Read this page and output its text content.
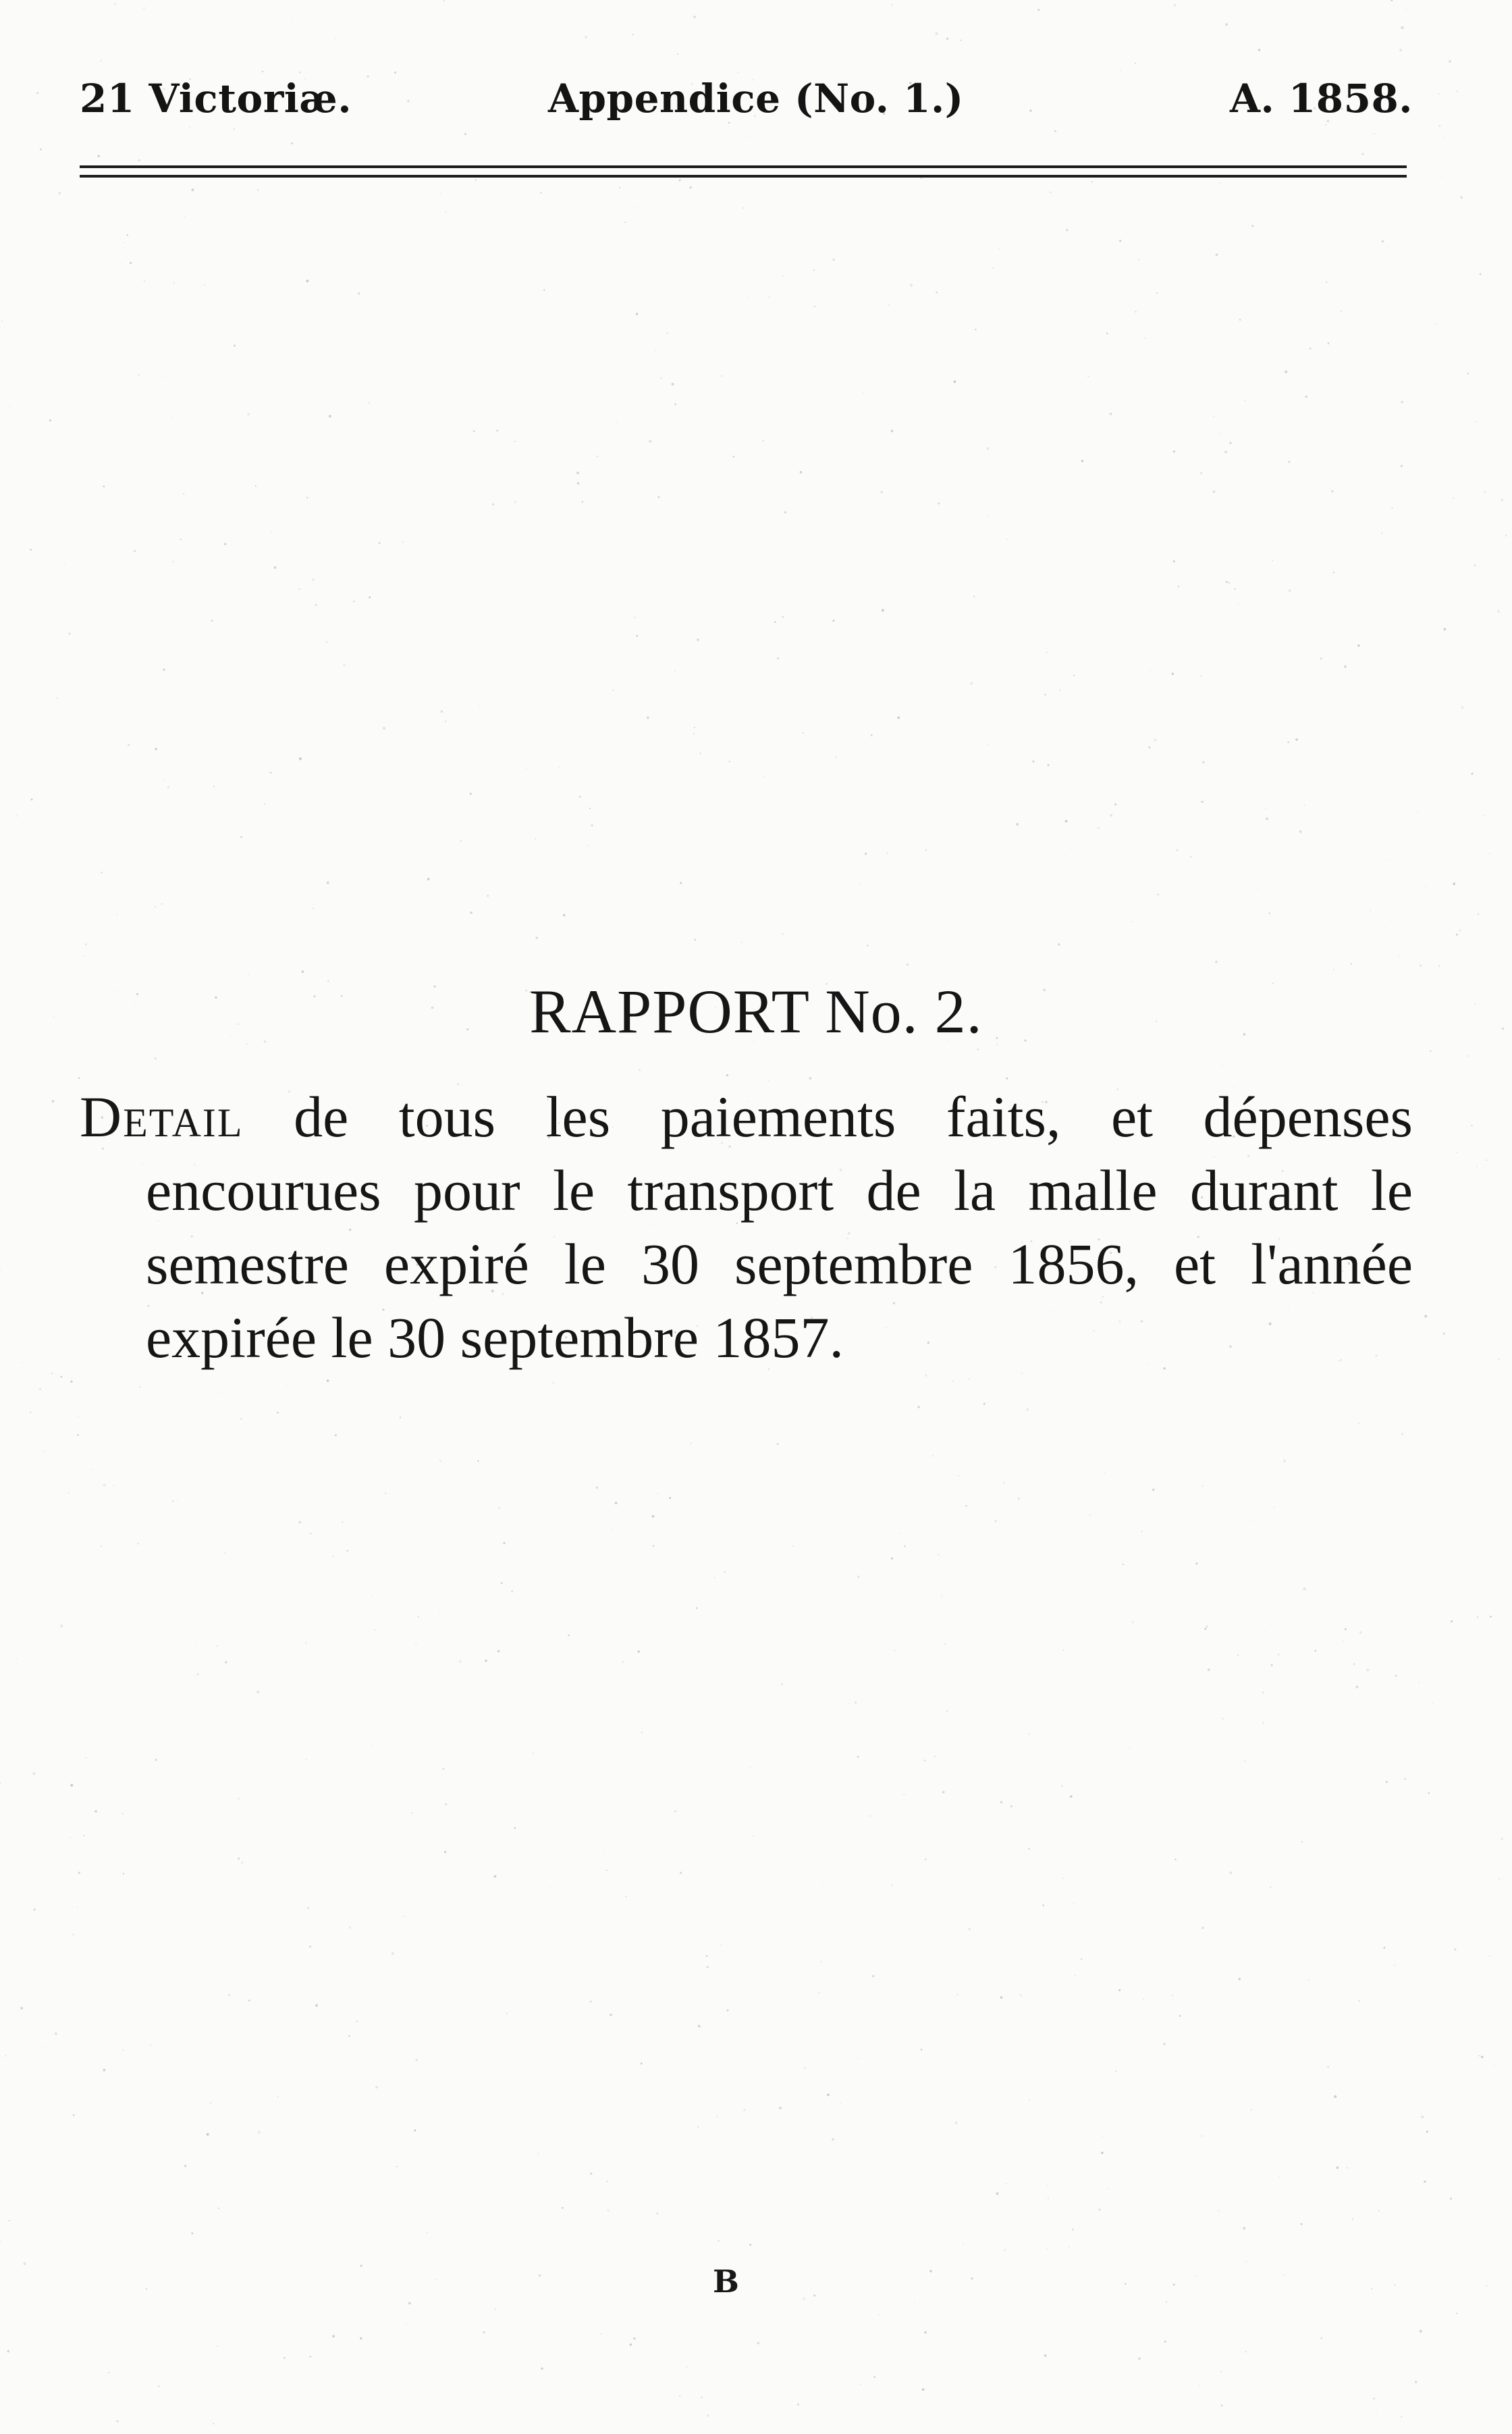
21 Victoriæ.	Appendice (No. 1.)	A. 1858.
RAPPORT No. 2.
Detail de tous les paiements faits, et dépenses
encourues pour le transport de la malle durant le
semestre expiré le 30 septembre 1856, et l'année
expirée le 30 septembre 1857.
B
